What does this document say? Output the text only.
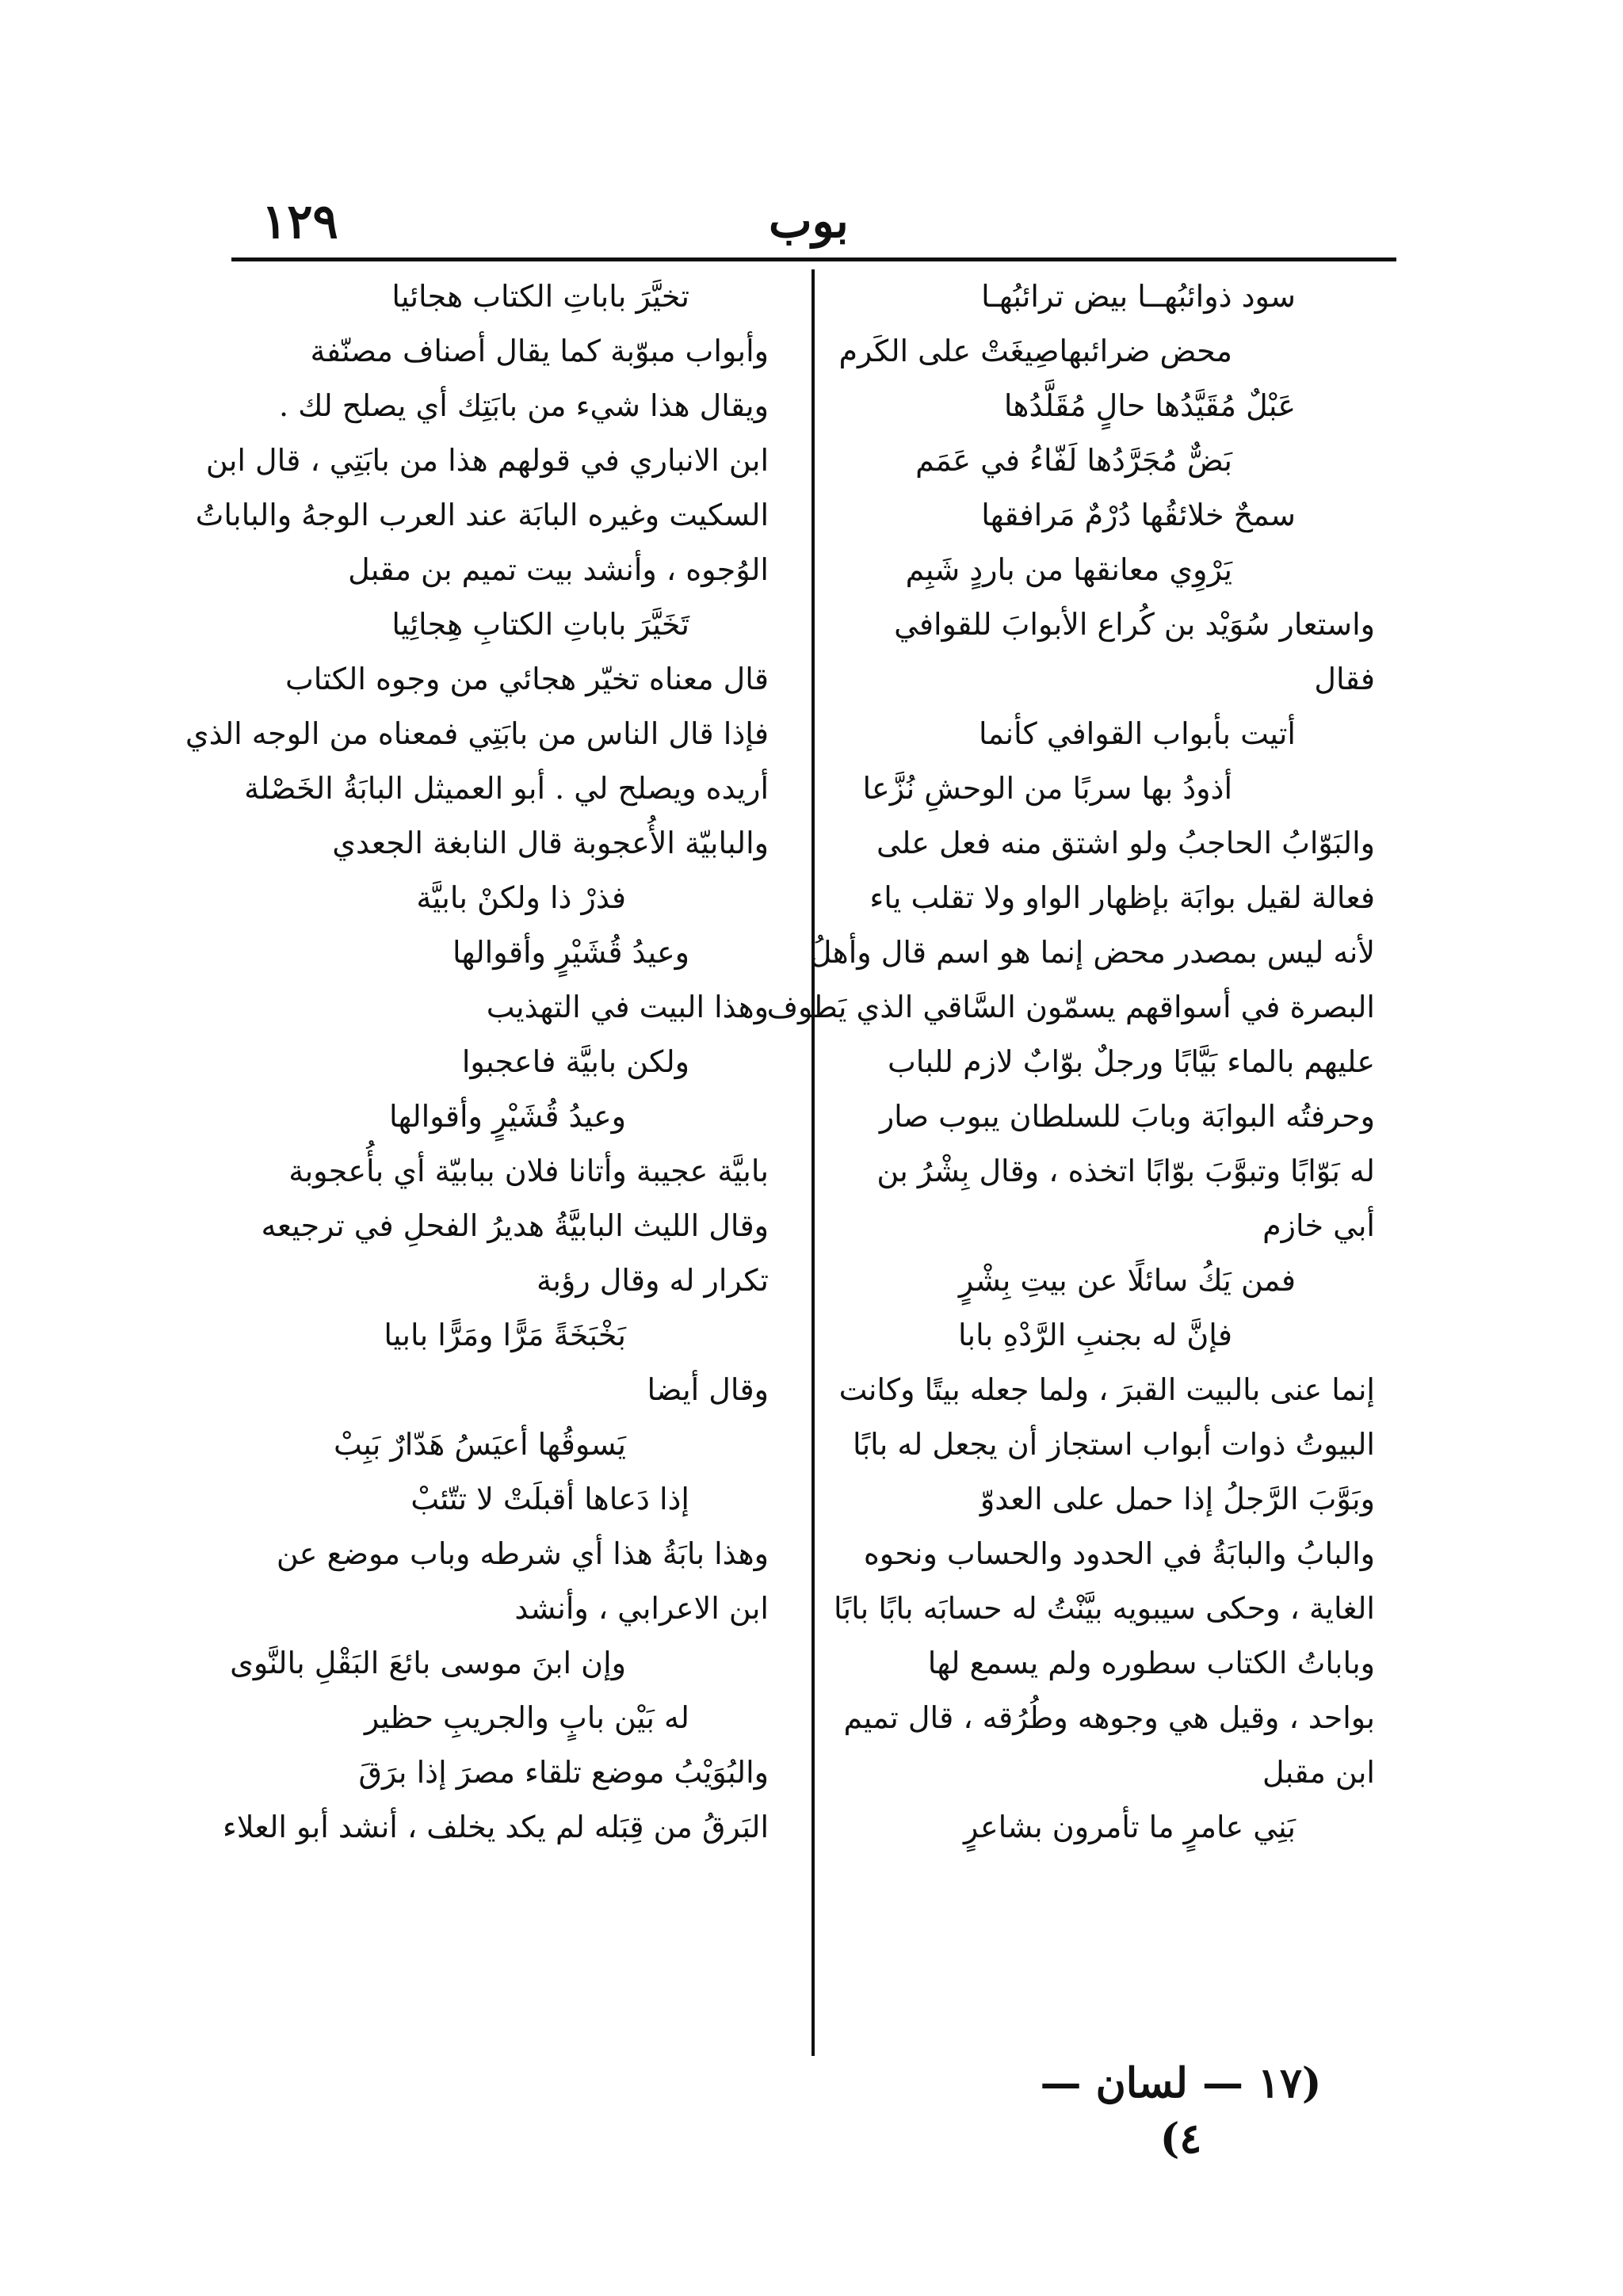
١٢٩	بوب
سود ذوائبُهــا بيض ترائبُهـا
محض ضرائبهاصِيغَتْ على الكَرم
عَبْلٌ مُقَيَّدُها حالٍ مُقَلَّدُها
بَضٌّ مُجَرَّدُها لَفّاءُ في عَمَم
سمحٌ خلائقُها دُرْمٌ مَرافقها
يَرْوِي معانقها من باردٍ شَبِم
واستعار سُوَيْد بن كُراع الأبوابَ للقوافي
فقال
أتيت بأبواب القوافي كأنما
أذودُ بها سربًا من الوحشِ نُزَّعا
والبَوّابُ الحاجبُ ولو اشتق منه فعل على
فعالة لقيل بوابَة بإظهار الواو ولا تقلب ياء
لأنه ليس بمصدر محض إنما هو اسم قال وأهلُ
البصرة في أسواقهم يسمّون السَّاقي الذي يَطوف
عليهم بالماء بَيَّابًا ورجلٌ بوّابٌ لازم للباب
وحرفتُه البوابَة وبابَ للسلطان يبوب صار
له بَوّابًا وتبوَّبَ بوّابًا اتخذه ، وقال بِشْرُ بن
أبي خازم
فمن يَكُ سائلًا عن بيتِ بِشْرٍ
فإنَّ له بجنبِ الرَّدْهِ بابا
إنما عنى بالبيت القبرَ ، ولما جعله بيتًا وكانت
البيوتُ ذوات أبواب استجاز أن يجعل له بابًا
وبَوَّبَ الرَّجلُ إذا حمل على العدوّ
والبابُ والبابَةُ في الحدود والحساب ونحوه
الغاية ، وحكى سيبويه بيَّنْتُ له حسابَه بابًا بابًا
وباباتُ الكتاب سطوره ولم يسمع لها
بواحد ، وقيل هي وجوهه وطُرُقه ، قال تميم
ابن مقبل
بَنِي عامرٍ ما تأمرون بشاعرٍ
تخيَّرَ باباتِ الكتاب هجائيا
وأبواب مبوّبة كما يقال أصناف مصنّفة
ويقال هذا شيء من بابَتِك أي يصلح لك .
ابن الانباري في قولهم هذا من بابَتِي ، قال ابن
السكيت وغيره البابَة عند العرب الوجهُ والباباتُ
الوُجوه ، وأنشد بيت تميم بن مقبل
تَخَيَّرَ باباتِ الكتابِ هِجائِيا
قال معناه تخيّر هجائي من وجوه الكتاب
فإذا قال الناس من بابَتِي فمعناه من الوجه الذي
أريده ويصلح لي . أبو العميثل البابَةُ الخَصْلة
والبابيّة الأُعجوبة قال النابغة الجعدي
فذرْ ذا ولكنْ بابيَّة
وعيدُ قُشَيْرٍ وأقوالها
وهذا البيت في التهذيب
ولكن بابيَّة فاعجبوا
وعيدُ قُشَيْرٍ وأقوالها
بابيَّة عجيبة وأتانا فلان ببابيّة أي بأُعجوبة
وقال الليث البابيَّةُ هديرُ الفحلِ في ترجيعه
تكرار له وقال رؤبة
بَخْبَخَةً مَرًّا ومَرًّا بابيا
وقال أيضا
يَسوقُها أعيَسُ هَدّارٌ بَبِبْ
إذا دَعاها أقبلَتْ لا تتّئبْ
وهذا بابَةُ هذا أي شرطه وباب موضع عن
ابن الاعرابي ، وأنشد
وإن ابنَ موسى بائعَ البَقْلِ بالنَّوى
له بَيْن بابٍ والجريبِ حظير
والبُوَيْبُ موضع تلقاء مصرَ إذا برَقَ
البَرقُ من قِبَله لم يكد يخلف ، أنشد أبو العلاء
(١٧ — لسان — ٤)
